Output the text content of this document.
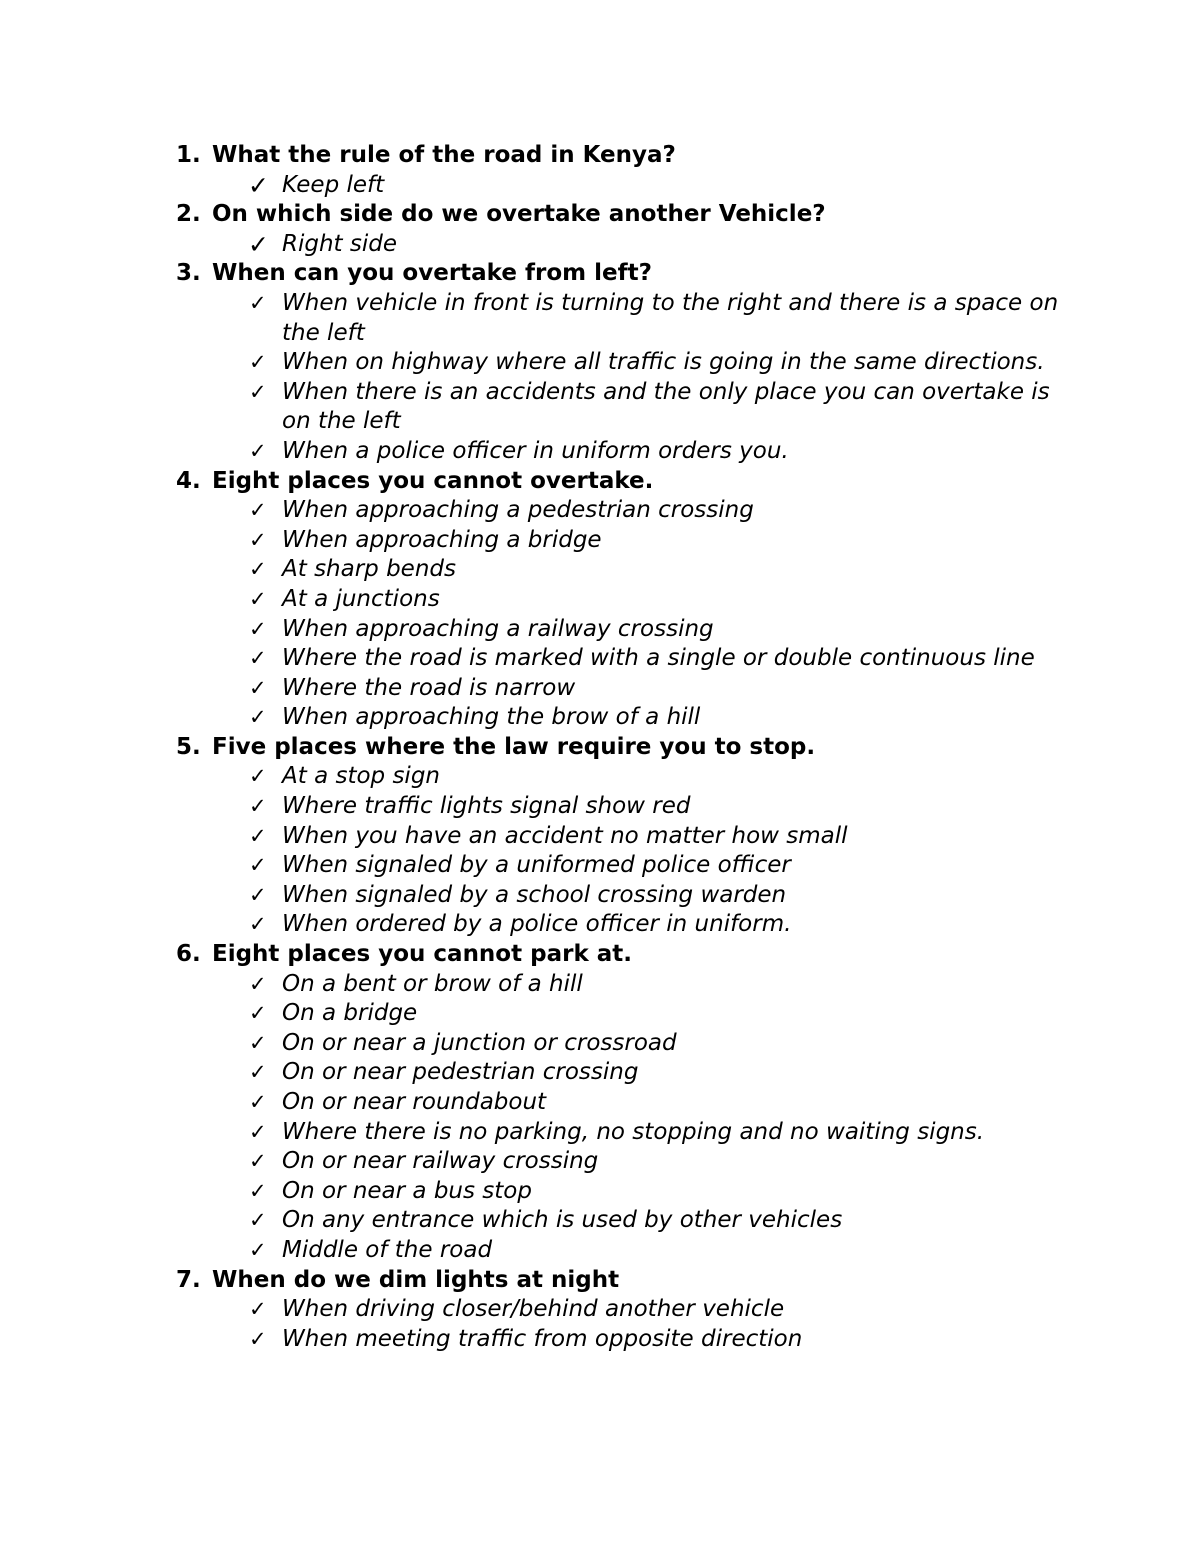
1. What the rule of the road in Kenya?
✓ Keep left
2. On which side do we overtake another Vehicle?
✓ Right side
3. When can you overtake from left?
✓ When vehicle in front is turning to the right and there is a space on the left
✓ When on highway where all traffic is going in the same directions.
✓ When there is an accidents and the only place you can overtake is on the left
✓ When a police officer in uniform orders you.
4. Eight places you cannot overtake.
✓ When approaching a pedestrian crossing
✓ When approaching a bridge
✓ At sharp bends
✓ At a junctions
✓ When approaching a railway crossing
✓ Where the road is marked with a single or double continuous line
✓ Where the road is narrow
✓ When approaching the brow of a hill
5. Five places where the law require you to stop.
✓ At a stop sign
✓ Where traffic lights signal show red
✓ When you have an accident no matter how small
✓ When signaled by a uniformed police officer
✓ When signaled by a school crossing warden
✓ When ordered by a police officer in uniform.
6. Eight places you cannot park at.
✓ On a bent or brow of a hill
✓ On a bridge
✓ On or near a junction or crossroad
✓ On or near pedestrian crossing
✓ On or near roundabout
✓ Where there is no parking, no stopping and no waiting signs.
✓ On or near railway crossing
✓ On or near a bus stop
✓ On any entrance which is used by other vehicles
✓ Middle of the road
7. When do we dim lights at night
✓ When driving closer/behind another vehicle
✓ When meeting traffic from opposite direction
